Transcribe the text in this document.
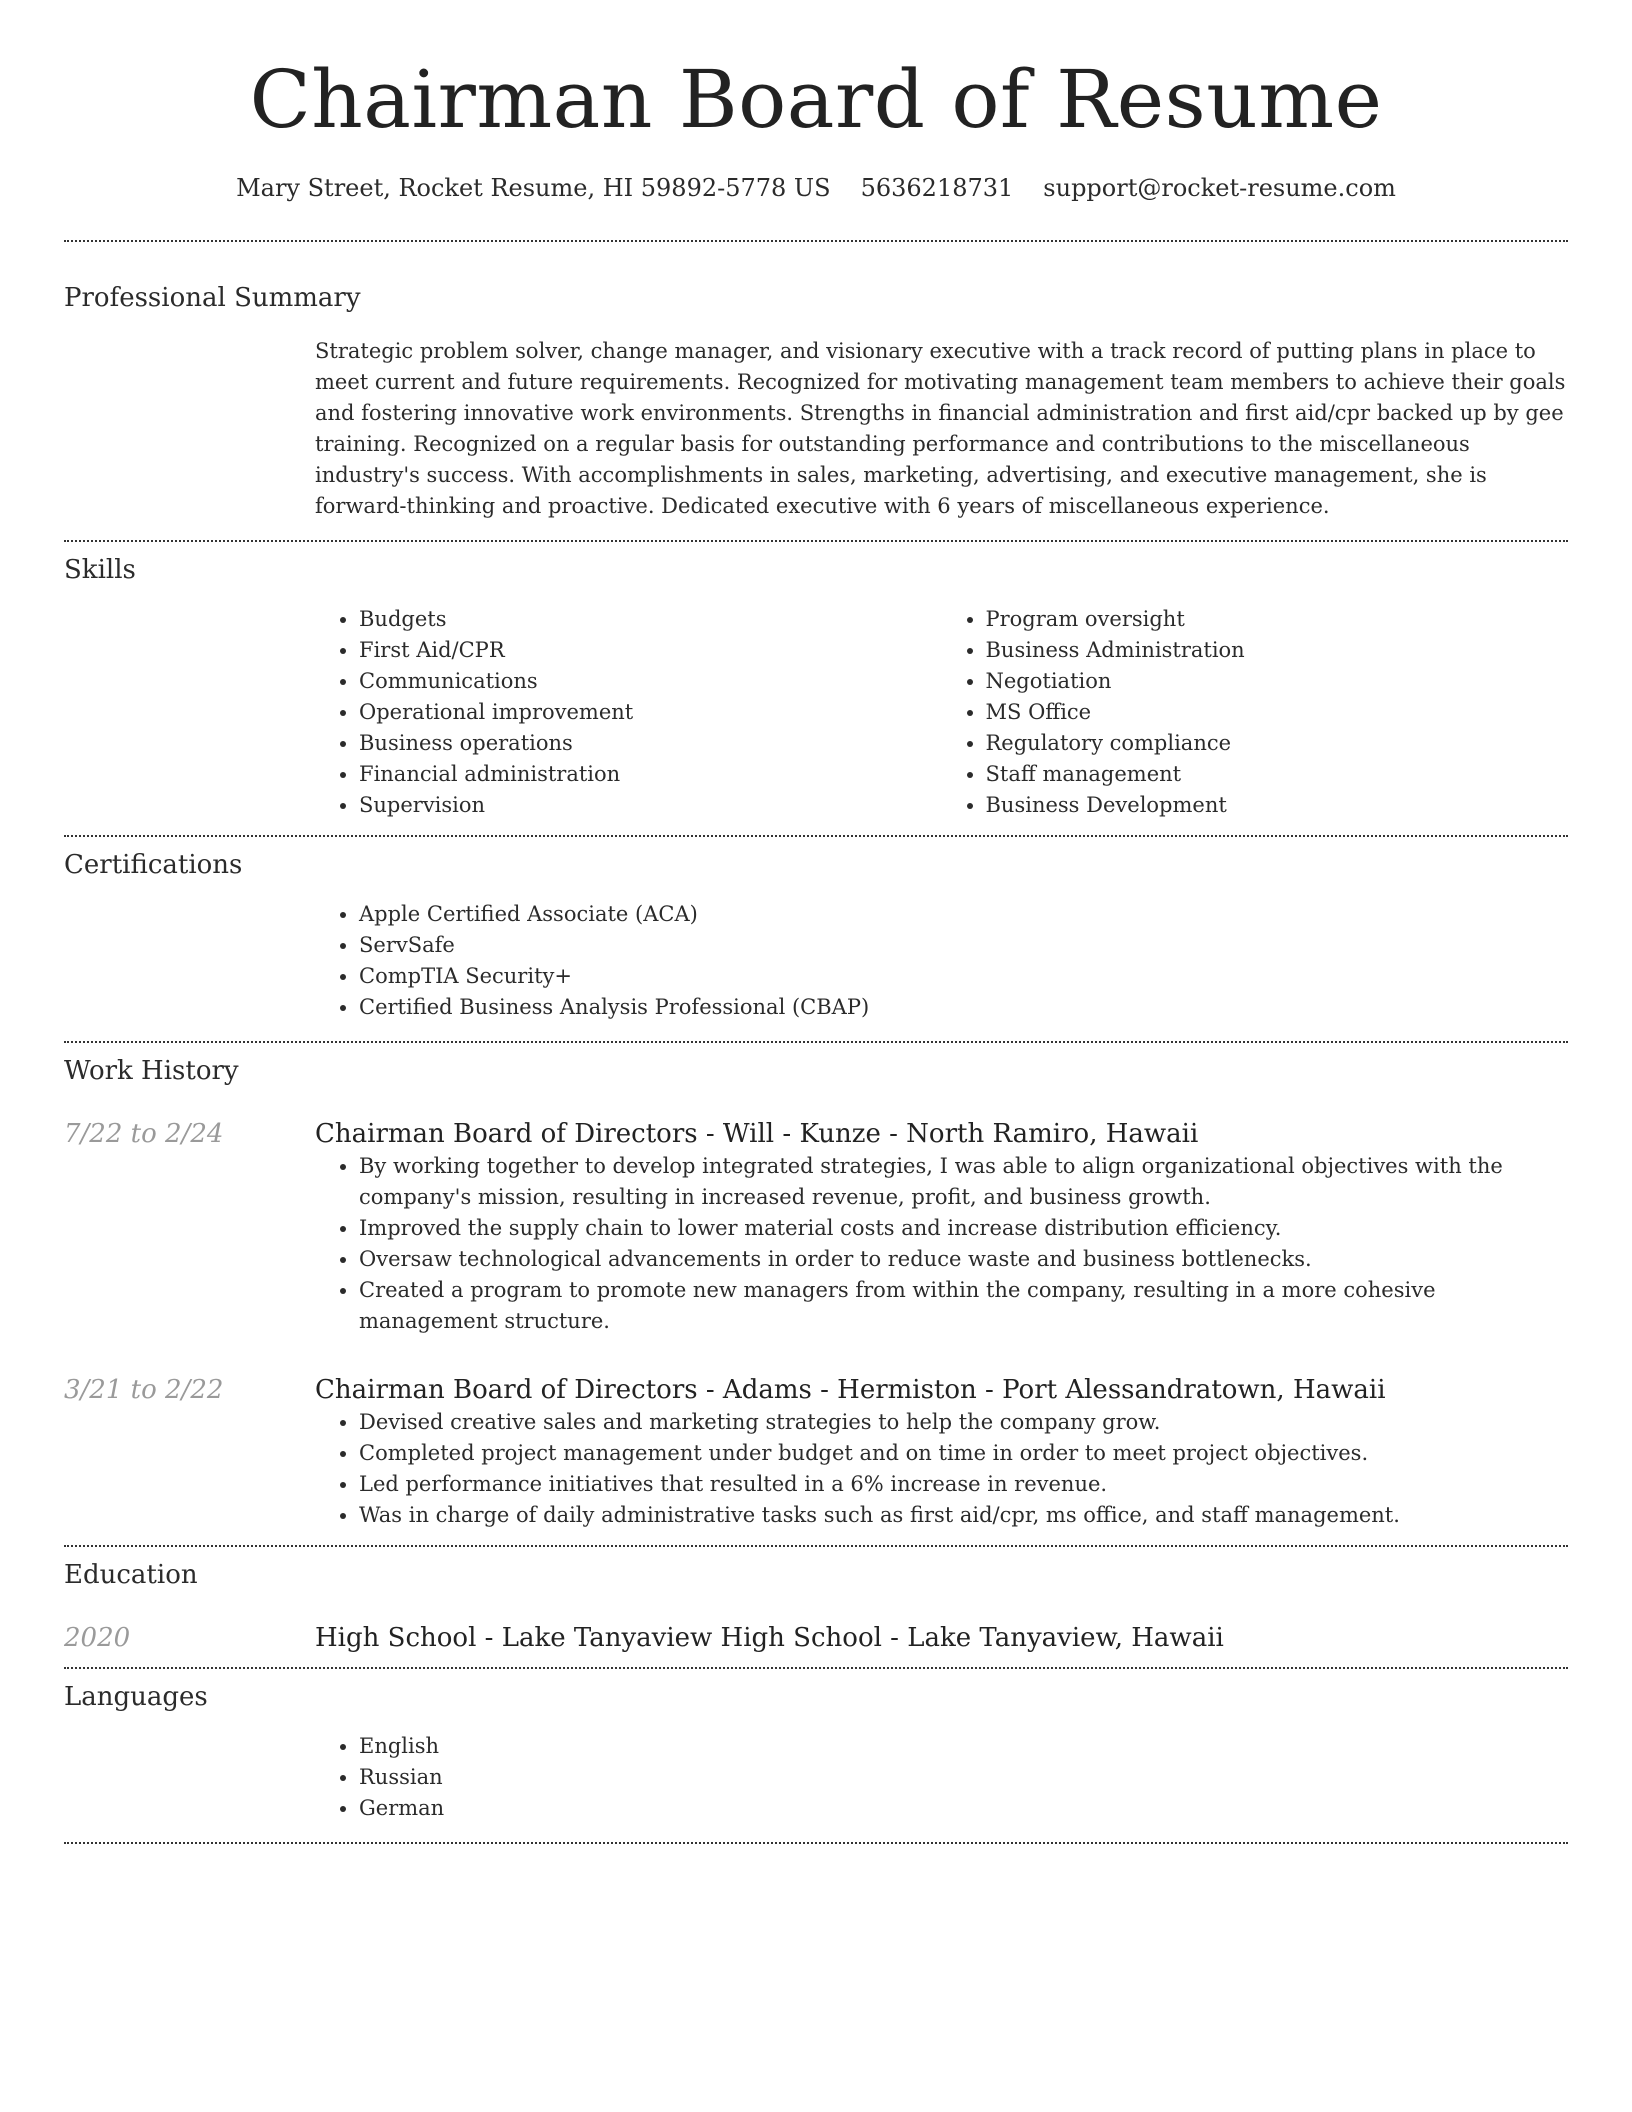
Chairman Board of Resume
Mary Street, Rocket Resume, HI 59892-5778 US 5636218731 support@rocket-resume.com
Professional Summary
Strategic problem solver, change manager, and visionary executive with a track record of putting plans in place to meet current and future requirements. Recognized for motivating management team members to achieve their goals and fostering innovative work environments. Strengths in financial administration and first aid/cpr backed up by gee training. Recognized on a regular basis for outstanding performance and contributions to the miscellaneous industry's success. With accomplishments in sales, marketing, advertising, and executive management, she is forward-thinking and proactive. Dedicated executive with 6 years of miscellaneous experience.
Skills
• Budgets
• First Aid/CPR
• Communications
• Operational improvement
• Business operations
• Financial administration
• Supervision
• Program oversight
• Business Administration
• Negotiation
• MS Office
• Regulatory compliance
• Staff management
• Business Development
Certifications
• Apple Certified Associate (ACA)
• ServSafe
• CompTIA Security+
• Certified Business Analysis Professional (CBAP)
Work History
7/22 to 2/24	Chairman Board of Directors - Will - Kunze - North Ramiro, Hawaii
• By working together to develop integrated strategies, I was able to align organizational objectives with the company's mission, resulting in increased revenue, profit, and business growth.
• Improved the supply chain to lower material costs and increase distribution efficiency.
• Oversaw technological advancements in order to reduce waste and business bottlenecks.
• Created a program to promote new managers from within the company, resulting in a more cohesive management structure.
3/21 to 2/22	Chairman Board of Directors - Adams - Hermiston - Port Alessandratown, Hawaii
• Devised creative sales and marketing strategies to help the company grow.
• Completed project management under budget and on time in order to meet project objectives.
• Led performance initiatives that resulted in a 6% increase in revenue.
• Was in charge of daily administrative tasks such as first aid/cpr, ms office, and staff management.
Education
2020	High School - Lake Tanyaview High School - Lake Tanyaview, Hawaii
Languages
• English
• Russian
• German
